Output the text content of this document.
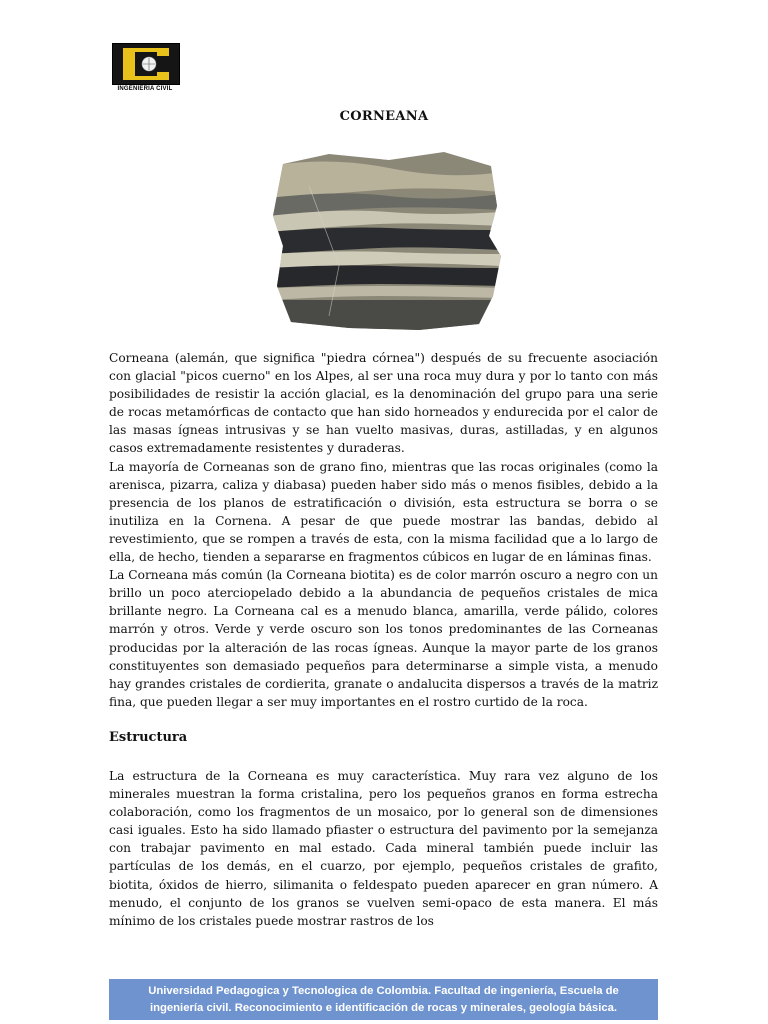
INGENIERIA CIVIL
CORNEANA

Corneana (alemán, que significa "piedra córnea") después de su frecuente asociación con glacial "picos cuerno" en los Alpes, al ser una roca muy dura y por lo tanto con más posibilidades de resistir la acción glacial, es la denominación del grupo para una serie de rocas metamórficas de contacto que han sido horneados y endurecida por el calor de las masas ígneas intrusivas y se han vuelto masivas, duras, astilladas, y en algunos casos extremadamente resistentes y duraderas.

La mayoría de Corneanas son de grano fino, mientras que las rocas originales (como la arenisca, pizarra, caliza y diabasa) pueden haber sido más o menos fisibles, debido a la presencia de los planos de estratificación o división, esta estructura se borra o se inutiliza en la Cornena. A pesar de que puede mostrar las bandas, debido al revestimiento, que se rompen a través de esta, con la misma facilidad que a lo largo de ella, de hecho, tienden a separarse en fragmentos cúbicos en lugar de en láminas finas.

La Corneana más común (la Corneana biotita) es de color marrón oscuro a negro con un brillo un poco aterciopelado debido a la abundancia de pequeños cristales de mica brillante negro. La Corneana cal es a menudo blanca, amarilla, verde pálido, colores marrón y otros. Verde y verde oscuro son los tonos predominantes de las Corneanas producidas por la alteración de las rocas ígneas. Aunque la mayor parte de los granos constituyentes son demasiado pequeños para determinarse a simple vista, a menudo hay grandes cristales de cordierita, granate o andalucita dispersos a través de la matriz fina, que pueden llegar a ser muy importantes en el rostro curtido de la roca.

Estructura

La estructura de la Corneana es muy característica. Muy rara vez alguno de los minerales muestran la forma cristalina, pero los pequeños granos en forma estrecha colaboración, como los fragmentos de un mosaico, por lo general son de dimensiones casi iguales. Esto ha sido llamado pfiaster o estructura del pavimento por la semejanza con trabajar pavimento en mal estado. Cada mineral también puede incluir las partículas de los demás, en el cuarzo, por ejemplo, pequeños cristales de grafito, biotita, óxidos de hierro, silimanita o feldespato pueden aparecer en gran número. A menudo, el conjunto de los granos se vuelven semi-opaco de esta manera. El más mínimo de los cristales puede mostrar rastros de los

Universidad Pedagogica y Tecnologica de Colombia. Facultad de ingeniería, Escuela de
ingeniería civil. Reconocimiento e identificación de rocas y minerales, geología básica.
